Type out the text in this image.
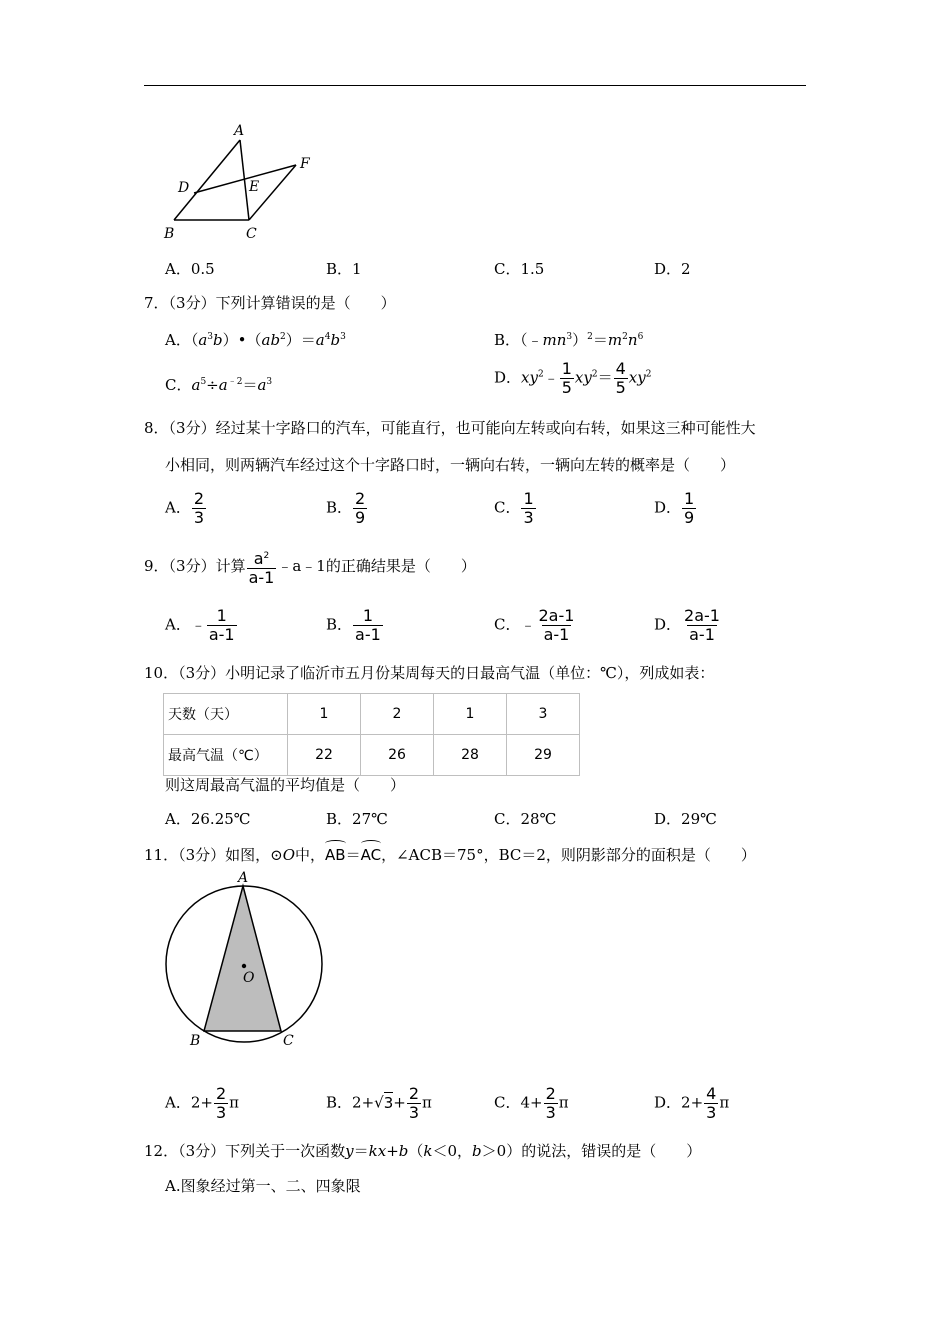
A
B	C
D	E
F
A．0.5	B．1	C．1.5	D．2
7．（3分）下列计算错误的是（　　）
A．$(a^3b)•(ab^2)=a^4b^3$	B．$(﹣mn^3)^2=m^2n^6$
C．$a^5\div a^{﹣2}=a^3$	D．$xy^2﹣ \frac{1}{5} xy^2= \frac{4}{5} xy^2$
8．（3分）经过某十字路口的汽车，可能直行，也可能向左转或向右转，如果这三种可能性大
小相同，则两辆汽车经过这个十字路口时，一辆向右转，一辆向左转的概率是（　　）
A． $\frac{2}{3}$	B． $\frac{2}{9}$	C． $\frac{1}{3}$	D． $\frac{1}{9}$
9．（3分）计算 $\frac{a^2}{a-1}$ ﹣a﹣1的正确结果是（　　）
A．﹣ $\frac{1}{a-1}$	B． $\frac{1}{a-1}$	C．﹣ $\frac{2a-1}{a-1}$	D． $\frac{2a-1}{a-1}$
10．（3分）小明记录了临沂市五月份某周每天的日最高气温（单位：℃），列成如表：
天数（天）	1	2	1	3
最高气温（℃）	22	26	28	29
则这周最高气温的平均值是（　　）
A．26.25℃	B．27℃	C．28℃	D．29℃
11．（3分）如图，⊙O中，AB＝AC，∠ACB＝75°，BC＝2，则阴影部分的面积是（　　）
A
B	C
O
A．$2+ \frac{2}{3}$ π	B．$2+√3+ \frac{2}{3}$ π	C．$4+ \frac{2}{3}$ π	D．$2+ \frac{4}{3}$ π
12．（3分）下列关于一次函数y＝kx+b（k＜0，b＞0）的说法，错误的是（　　）
A.图象经过第一、二、四象限
